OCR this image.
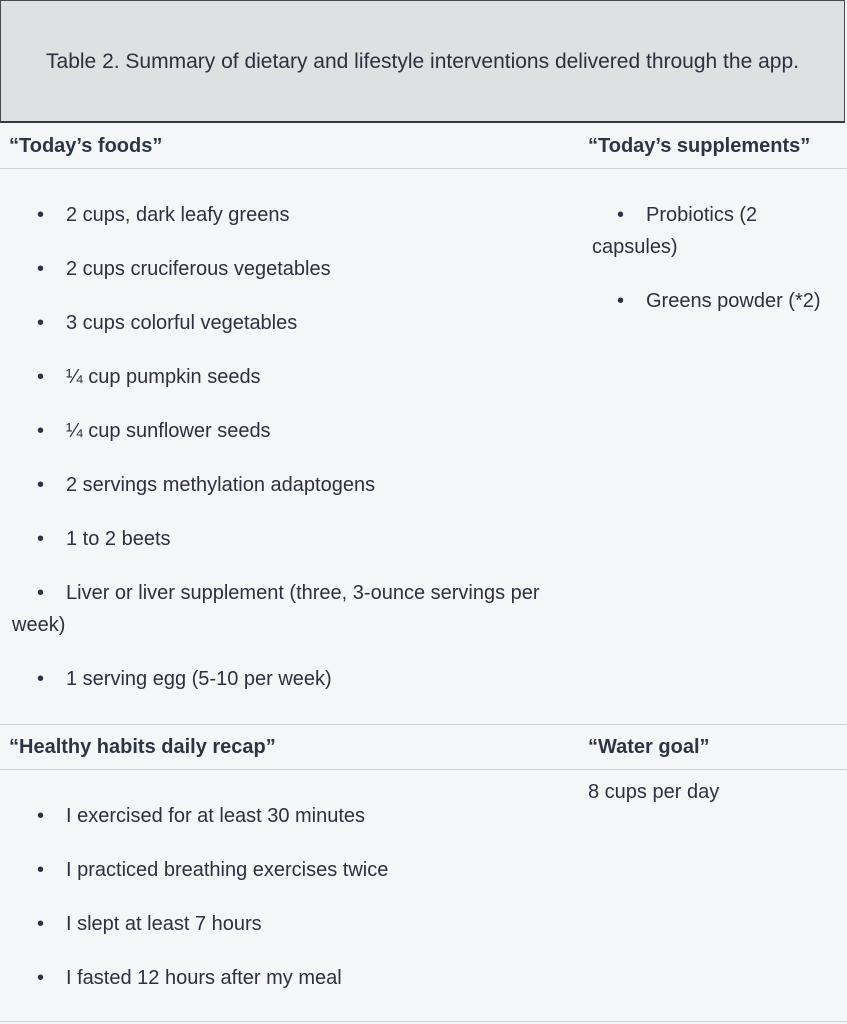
Table 2. Summary of dietary and lifestyle interventions delivered through the app.
“Today’s foods”	“Today’s supplements”
• 2 cups, dark leafy greens
• 2 cups cruciferous vegetables
• 3 cups colorful vegetables
• ¼ cup pumpkin seeds
• ¼ cup sunflower seeds
• 2 servings methylation adaptogens
• 1 to 2 beets
• Liver or liver supplement (three, 3-ounce servings per week)
• 1 serving egg (5-10 per week)
• Probiotics (2 capsules)
• Greens powder (*2)
“Healthy habits daily recap”	“Water goal”
• I exercised for at least 30 minutes
• I practiced breathing exercises twice
• I slept at least 7 hours
• I fasted 12 hours after my meal
8 cups per day
